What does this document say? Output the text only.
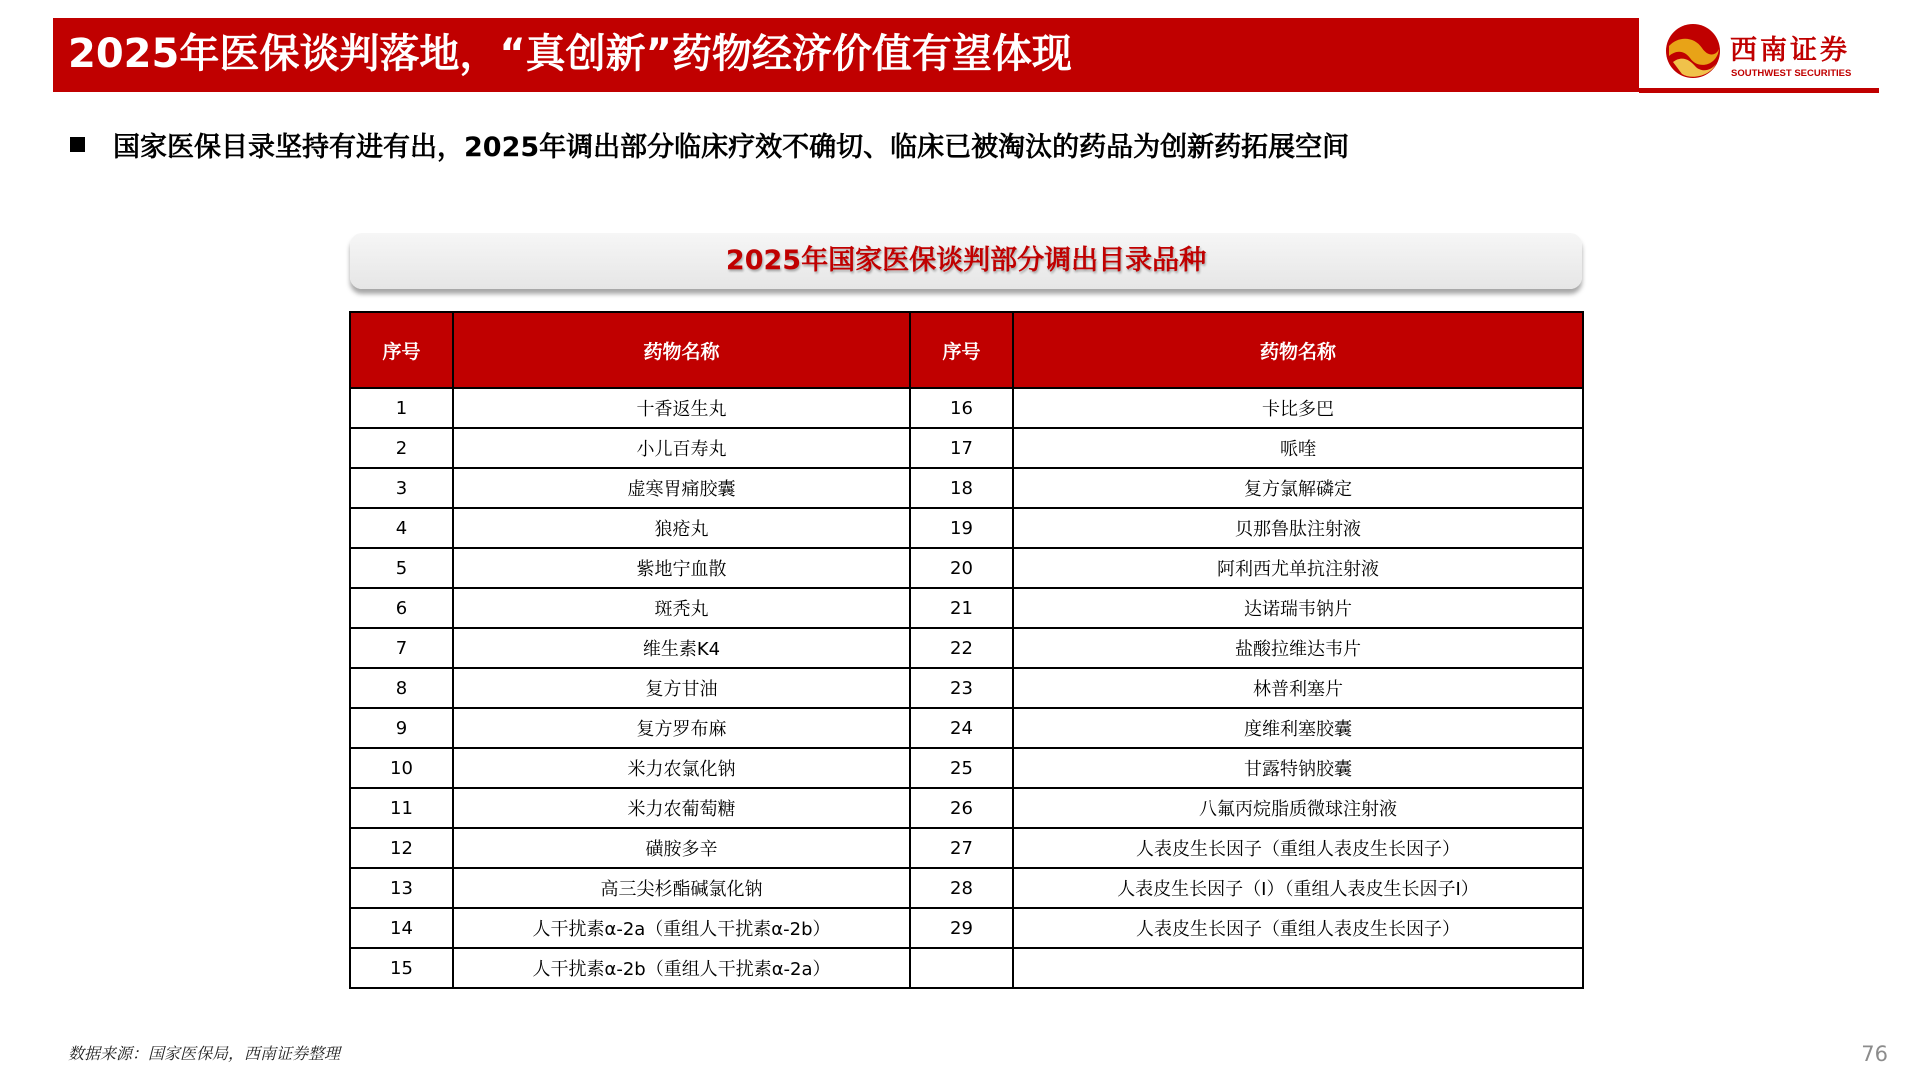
2025年医保谈判落地，“真创新”药物经济价值有望体现	西南证券
SOUTHWEST SECURITIES
国家医保目录坚持有进有出，2025年调出部分临床疗效不确切、临床已被淘汰的药品为创新药拓展空间
2025年国家医保谈判部分调出目录品种
序号	药物名称	序号	药物名称
1	十香返生丸	16	卡比多巴
2	小儿百寿丸	17	哌喹
3	虚寒胃痛胶囊	18	复方氯解磷定
4	狼疮丸	19	贝那鲁肽注射液
5	紫地宁血散	20	阿利西尤单抗注射液
6	斑秃丸	21	达诺瑞韦钠片
7	维生素K4	22	盐酸拉维达韦片
8	复方甘油	23	林普利塞片
9	复方罗布麻	24	度维利塞胶囊
10	米力农氯化钠	25	甘露特钠胶囊
11	米力农葡萄糖	26	八氟丙烷脂质微球注射液
12	磺胺多辛	27	人表皮生长因子（重组人表皮生长因子）
13	高三尖杉酯碱氯化钠	28	人表皮生长因子（Ⅰ）（重组人表皮生长因子Ⅰ）
14	人干扰素α-2a（重组人干扰素α-2b）	29	人表皮生长因子（重组人表皮生长因子）
15	人干扰素α-2b（重组人干扰素α-2a）		
数据来源：国家医保局，西南证券整理	76
